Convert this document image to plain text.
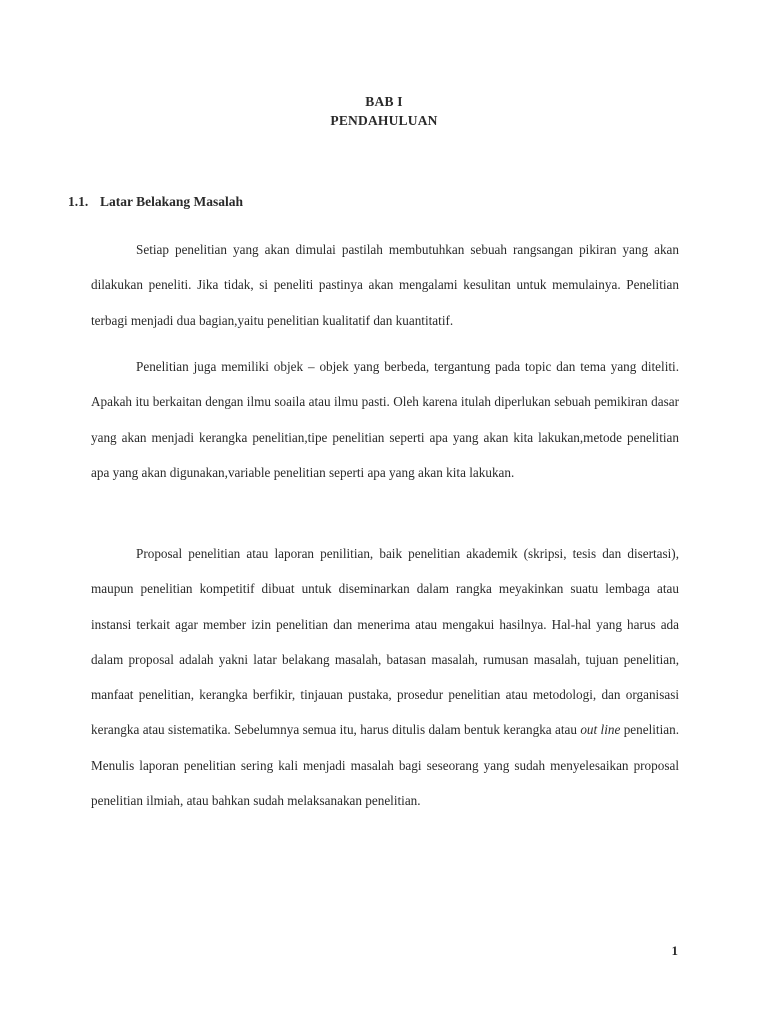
BAB I
PENDAHULUAN
1.1. Latar Belakang Masalah

Setiap penelitian yang akan dimulai pastilah membutuhkan sebuah rangsangan pikiran yang akan dilakukan peneliti. Jika tidak, si peneliti pastinya akan mengalami kesulitan untuk memulainya. Penelitian terbagi menjadi dua bagian,yaitu penelitian kualitatif dan kuantitatif.

Penelitian juga memiliki objek – objek yang berbeda, tergantung pada topic dan tema yang diteliti. Apakah itu berkaitan dengan ilmu soaila atau ilmu pasti. Oleh karena itulah diperlukan sebuah pemikiran dasar yang akan menjadi kerangka penelitian,tipe penelitian seperti apa yang akan kita lakukan,metode penelitian apa yang akan digunakan,variable penelitian seperti apa yang akan kita lakukan.

Proposal penelitian atau laporan penilitian, baik penelitian akademik (skripsi, tesis dan disertasi), maupun penelitian kompetitif dibuat untuk diseminarkan dalam rangka meyakinkan suatu lembaga atau instansi terkait agar member izin penelitian dan menerima atau mengakui hasilnya. Hal-hal yang harus ada dalam proposal adalah yakni latar belakang masalah, batasan masalah, rumusan masalah, tujuan penelitian, manfaat penelitian, kerangka berfikir, tinjauan pustaka, prosedur penelitian atau metodologi, dan organisasi kerangka atau sistematika. Sebelumnya semua itu, harus ditulis dalam bentuk kerangka atau out line penelitian. Menulis laporan penelitian sering kali menjadi masalah bagi seseorang yang sudah menyelesaikan proposal penelitian ilmiah, atau bahkan sudah melaksanakan penelitian.

1
